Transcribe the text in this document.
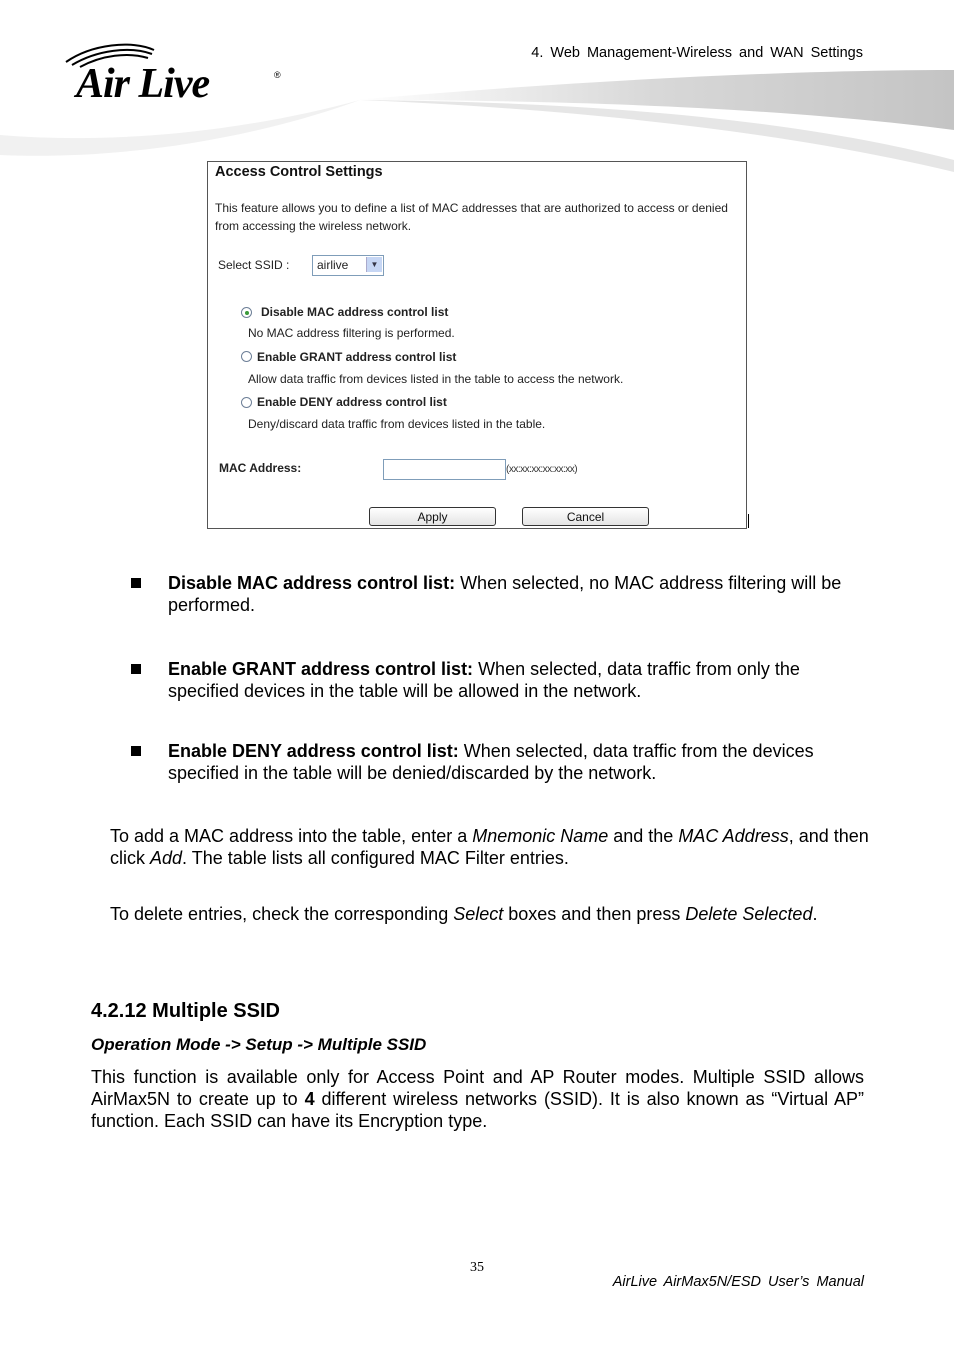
4. Web Management-Wireless and WAN Settings
Air Live	®
Access Control Settings
This feature allows you to define a list of MAC addresses that are authorized to access or denied from accessing the wireless network.
Select SSID : airlive	▼
Disable MAC address control list
No MAC address filtering is performed.
Enable GRANT address control list
Allow data traffic from devices listed in the table to access the network.
Enable DENY address control list
Deny/discard data traffic from devices listed in the table.
MAC Address:	(xx:xx:xx:xx:xx:xx)
Apply	Cancel
Disable MAC address control list: When selected, no MAC address filtering will be performed.
Enable GRANT address control list: When selected, data traffic from only the specified devices in the table will be allowed in the network.
Enable DENY address control list: When selected, data traffic from the devices specified in the table will be denied/discarded by the network.
To add a MAC address into the table, enter a Mnemonic Name and the MAC Address, and then click Add. The table lists all configured MAC Filter entries.
To delete entries, check the corresponding Select boxes and then press Delete Selected.
4.2.12 Multiple SSID
Operation Mode -> Setup -> Multiple SSID
This function is available only for Access Point and AP Router modes. Multiple SSID allows AirMax5N to create up to 4 different wireless networks (SSID). It is also known as “Virtual AP” function. Each SSID can have its Encryption type.
35
AirLive AirMax5N/ESD User’s Manual
